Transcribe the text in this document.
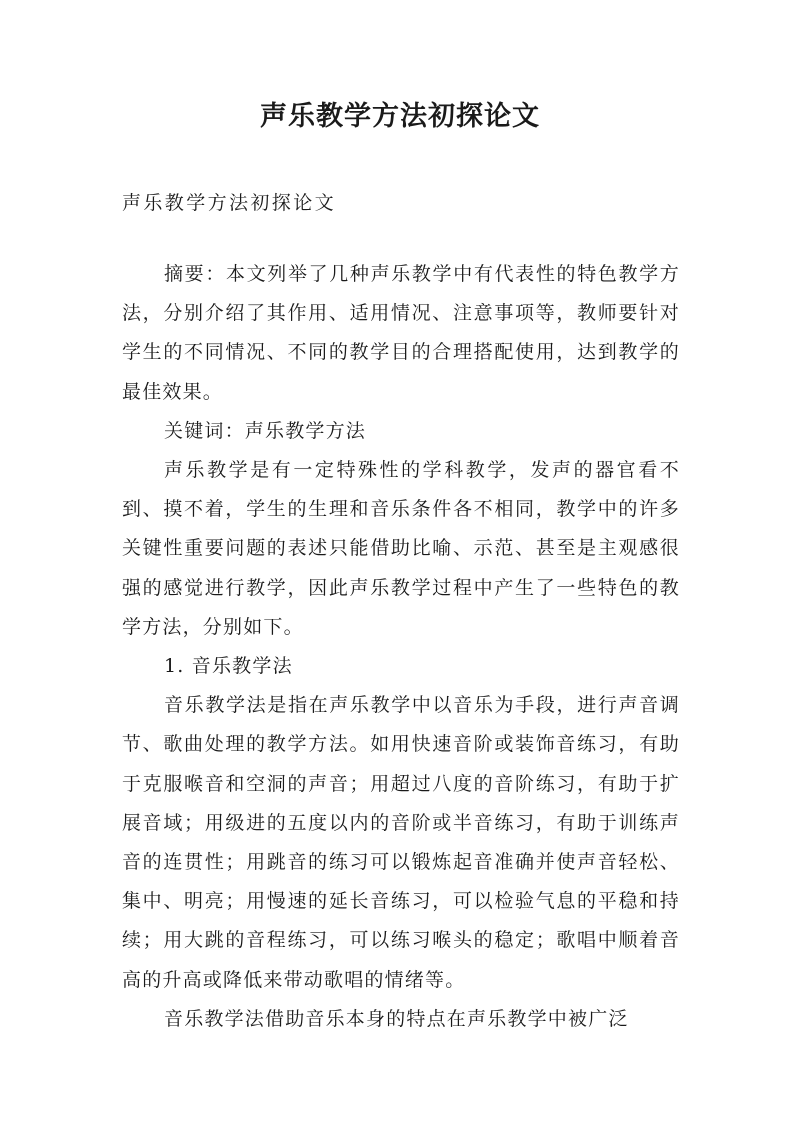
声乐教学方法初探论文

声乐教学方法初探论文

摘要：本文列举了几种声乐教学中有代表性的特色教学方法，分别介绍了其作用、适用情况、注意事项等，教师要针对学生的不同情况、不同的教学目的合理搭配使用，达到教学的最佳效果。

关键词：声乐教学方法

声乐教学是有一定特殊性的学科教学，发声的器官看不到、摸不着，学生的生理和音乐条件各不相同，教学中的许多关键性重要问题的表述只能借助比喻、示范、甚至是主观感很强的感觉进行教学，因此声乐教学过程中产生了一些特色的教学方法，分别如下。

1. 音乐教学法

音乐教学法是指在声乐教学中以音乐为手段，进行声音调节、歌曲处理的教学方法。如用快速音阶或装饰音练习，有助于克服喉音和空洞的声音；用超过八度的音阶练习，有助于扩展音域；用级进的五度以内的音阶或半音练习，有助于训练声音的连贯性；用跳音的练习可以锻炼起音准确并使声音轻松、集中、明亮；用慢速的延长音练习，可以检验气息的平稳和持续；用大跳的音程练习，可以练习喉头的稳定；歌唱中顺着音高的升高或降低来带动歌唱的情绪等。

音乐教学法借助音乐本身的特点在声乐教学中被广泛
